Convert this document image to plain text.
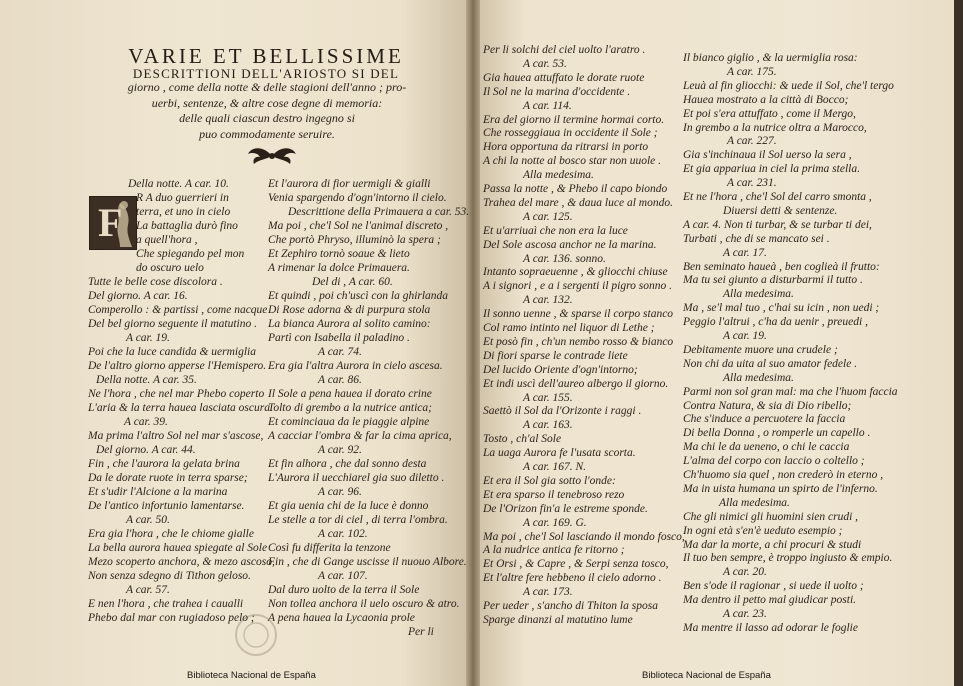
VARIE ET BELLISSIME
DESCRITTIONI DELL'ARIOSTO SI DEL
giorno , come della notte & delle stagioni dell'anno ; pro-
uerbi, sentenze, & altre cose degne di memoria:
delle quali ciascun destro ingegno si
puo commodamente seruire.
F
Della notte. A car. 10.
R A duo guerrieri in
terra, et uno in cielo
La battaglia durò fino
a quell'hora ,
Che spiegando pel mon
do oscuro uelo
Tutte le belle cose discolora .
Del giorno. A car. 16.
Comperollo : & partissi , come nacque
Del bel giorno seguente il matutino .
A car. 19.
Poi che la luce candida & uermiglia
De l'altro giorno apperse l'Hemispero.
Della notte. A car. 35.
Ne l'hora , che nel mar Phebo coperto
L'aria & la terra hauea lasciata oscura.
A car. 39.
Ma prima l'altro Sol nel mar s'ascose,
Del giorno. A car. 44.
Fin , che l'aurora la gelata brina
Da le dorate ruote in terra sparse;
Et s'udir l'Alcione a la marina
De l'antico infortunio lamentarse.
A car. 50.
Era gia l'hora , che le chiome gialle
La bella aurora hauea spiegate al Sole
Mezo scoperto anchora, & mezo ascoso,
Non senza sdegno di Tithon geloso.
A car. 57.
E nen l'hora , che trahea i caualli
Phebo dal mar con rugiadoso pelo ;
Et l'aurora di fior uermigli & gialli
Venia spargendo d'ogn'intorno il cielo.
Descrittione della Primauera a car. 53.
Ma poi , che'l Sol ne l'animal discreto ,
Che portò Phryso, illuminò la spera ;
Et Zephiro tornò soaue & lieto
A rimenar la dolce Primauera.
Del di , A car. 60.
Et quindi , poi ch'uscì con la ghirlanda
Di Rose adorna & di purpura stola
La bianca Aurora al solito camino:
Partì con Isabella il paladino .
A car. 74.
Era gia l'altra Aurora in cielo ascesa.
A car. 86.
Il Sole a pena hauea il dorato crine
Tolto di grembo a la nutrice antica;
Et cominciaua da le piaggie alpine
A cacciar l'ombra & far la cima aprica,
A car. 92.
Et fin alhora , che dal sonno desta
L'Aurora il uecchiarel gia suo diletto .
A car. 96.
Et gia uenia chi de la luce è donno
Le stelle a tor di ciel , di terra l'ombra.
A car. 102.
Così fu differita la tenzone
Fin , che di Gange uscisse il nuouo Albore.
A car. 107.
Dal duro uolto de la terra il Sole
Non tollea anchora il uelo oscuro & atro.
A pena hauea la Lycaonia prole
Per li
Per li solchi del ciel uolto l'aratro .
A car. 53.
Gia hauea attuffato le dorate ruote
Il Sol ne la marina d'occidente .
A car. 114.
Era del giorno il termine hormai corto.
Che rosseggiaua in occidente il Sole ;
Hora opportuna da ritrarsi in porto
A chi la notte al bosco star non uuole .
Alla medesima.
Passa la notte , & Phebo il capo biondo
Trahea del mare , & daua luce al mondo.
A car. 125.
Et u'arriuaì che non era la luce
Del Sole ascosa anchor ne la marina.
A car. 136. sonno.
Intanto sopraeuenne , & gliocchi chiuse
A i signori , e a i sergenti il pigro sonno .
A car. 132.
Il sonno uenne , & sparse il corpo stanco
Col ramo intinto nel liquor di Lethe ;
Et posò fin , ch'un nembo rosso & bianco
Di fiori sparse le contrade liete
Del lucido Oriente d'ogn'intorno;
Et indi uscì dell'aureo albergo il giorno.
A car. 155.
Saettò il Sol da l'Orizonte i raggi .
A car. 163.
Tosto , ch'al Sole
La uaga Aurora fe l'usata scorta.
A car. 167. N.
Et era il Sol gia sotto l'onde:
Et era sparso il tenebroso rezo
De l'Orizon fin'a le estreme sponde.
A car. 169. G.
Ma poi , che'l Sol lasciando il mondo fosco,
A la nudrice antica fe ritorno ;
Et Orsi , & Capre , & Serpi senza tosco,
Et l'altre fere hebbeno il cielo adorno .
A car. 173.
Per ueder , s'ancho di Thiton la sposa
Sparge dinanzi al matutino lume
Il bianco giglio , & la uermiglia rosa:
A car. 175.
Leuà al fin gliocchi: & uede il Sol, che'l tergo
Hauea mostrato a la città di Bocco;
Et poi s'era attuffato , come il Mergo,
In grembo a la nutrice oltra a Marocco,
A car. 227.
Gia s'inchinaua il Sol uerso la sera ,
Et gia appariua in ciel la prima stella.
A car. 231.
Et ne l'hora , che'l Sol del carro smonta ,
Diuersi detti & sentenze.
A car. 4. Non ti turbar, & se turbar ti dei,
Turbati , che di se mancato sei .
A car. 17.
Ben seminato haueà , ben coglieà il frutto:
Ma tu sei giunto a disturbarmi il tutto .
Alla medesima.
Ma , se'l mal tuo , c'hai su icin , non uedi ;
Peggio l'altrui , c'ha da uenir , preuedi ,
A car. 19.
Debitamente muore una crudele ;
Non chi da uita al suo amator fedele .
Alla medesima.
Parmi non sol gran mal: ma che l'huom faccia
Contra Natura, & sia di Dio ribello;
Che s'induce a percuotere la faccia
Di bella Donna , o romperle un capello .
Ma chi le da ueneno, o chi le caccia
L'alma del corpo con laccio o coltello ;
Ch'huomo sia quel , non crederò in eterno ,
Ma in uista humana un spirto de l'inferno.
Alla medesima.
Che gli nimici gli huomini sien crudi ,
In ogni età s'en'è ueduto esempio ;
Ma dar la morte, a chi procuri & studi
Il tuo ben sempre, è troppo ingiusto & empio.
A car. 20.
Ben s'ode il ragionar , si uede il uolto ;
Ma dentro il petto mal giudicar posti.
A car. 23.
Ma mentre il lasso ad odorar le foglie
Biblioteca Nacional de España	Biblioteca Nacional de España
